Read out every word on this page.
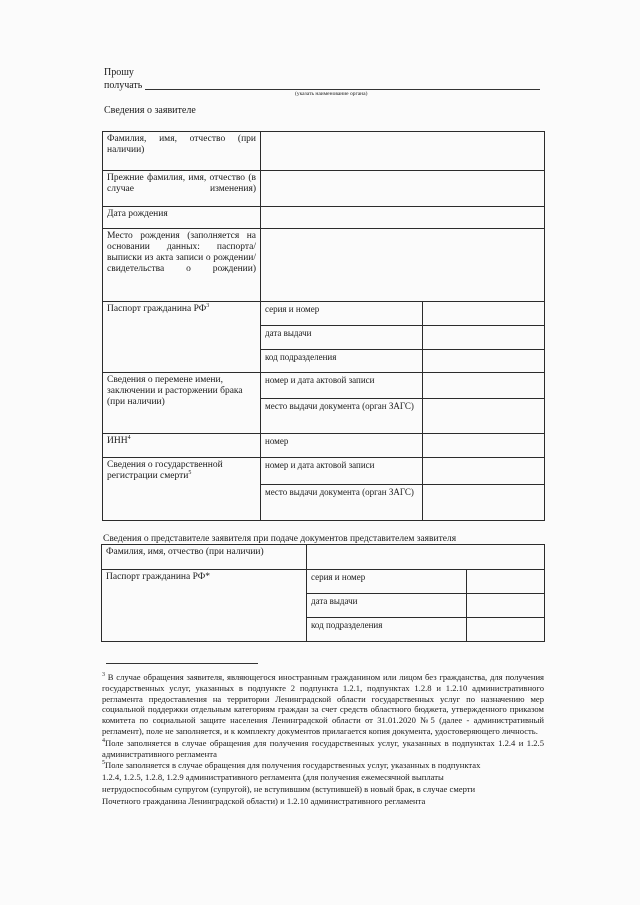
Прошу
получать
(указать наименование органа)
Сведения о заявителе
Фамилия, имя, отчество (при наличии)		
Прежние фамилия, имя, отчество (в случае изменения)		
Дата рождения		
Место рождения (заполняется на основании данных: паспорта/ выписки из акта записи о рождении/ свидетельства о рождении)		
Паспорт гражданина $РФ^3$	серия и номер	
	дата выдачи	
	код подразделения	
Сведения о перемене имени, заключении и расторжении брака (при наличии)	номер и дата актовой записи	
	место выдачи документа (орган ЗАГС)	
ИНН$^4$	номер	
Сведения о государственной регистрации смерти$^5$	номер и дата актовой записи	
	место выдачи документа (орган ЗАГС)	
Сведения о представителе заявителя при подаче документов представителем заявителя
Фамилия, имя, отчество (при наличии)		
Паспорт гражданина РФ*	серия и номер	
	дата выдачи	
	код подразделения	

$^3$ В случае обращения заявителя, являющегося иностранным гражданином или лицом без гражданства, для получения государственных услуг, указанных в подпункте 2 подпункта 1.2.1, подпунктах 1.2.8 и 1.2.10 административного регламента предоставления на территории Ленинградской области государственных услуг по назначению мер социальной поддержки отдельным категориям граждан за счет средств областного бюджета, утвержденного приказом комитета по социальной защите населения Ленинградской области от 31.01.2020 №5 (далее - административный регламент), поле не заполняется, и к комплекту документов прилагается копия документа, удостоверяющего личность.

$^4$Поле заполняется в случае обращения для получения государственных услуг, указанных в подпунктах 1.2.4 и 1.2.5 административного регламента

$^5$Поле заполняется в случае обращения для получения государственных услуг, указанных в подпунктах

1.2.4, 1.2.5, 1.2.8, 1.2.9 административного регламента (для получения ежемесячной выплаты

нетрудоспособным супругом (супругой), не вступившим (вступившей) в новый брак, в случае смерти

Почетного гражданина Ленинградской области) и 1.2.10 административного регламента
